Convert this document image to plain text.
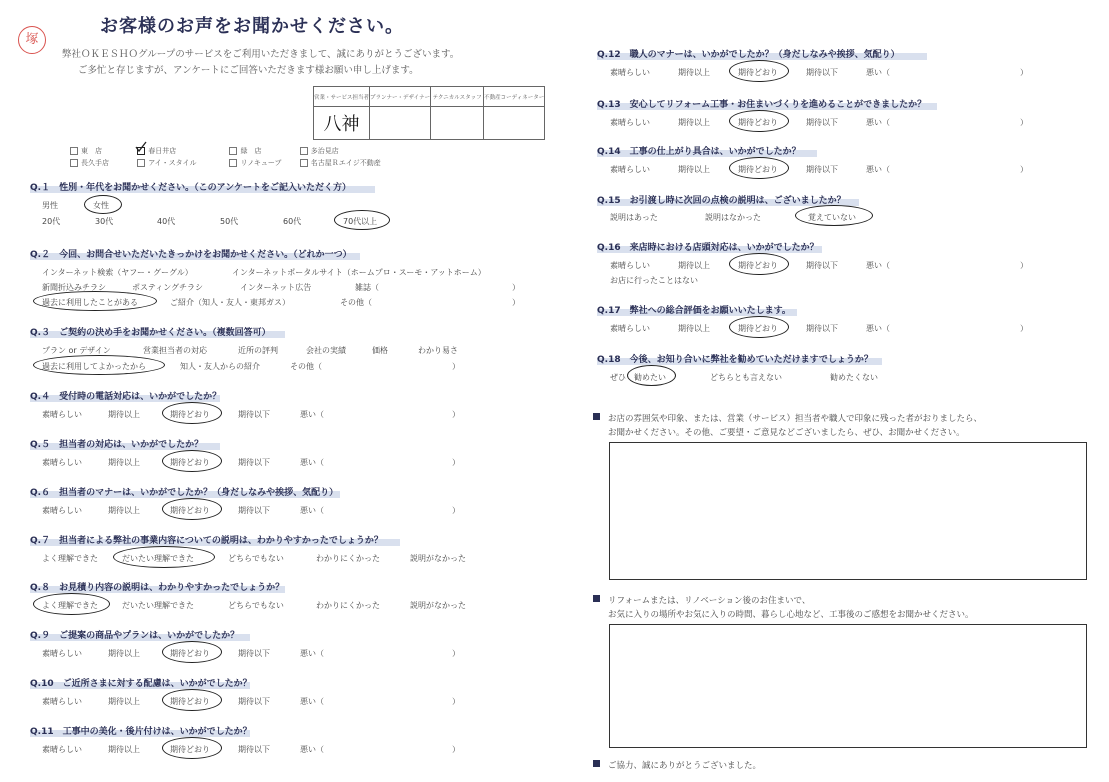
塚
お客様のお声をお聞かせください。
弊社ＯＫＥＳＨＯグループのサービスをご利用いただきまして、誠にありがとうございます。
ご多忙と存じますが、アンケートにご回答いただきます様お願い申し上げます。
営業・サービス担当者	プランナー・デザイナー	テクニカルスタッフ	不動産コーディネーター
八神			
東　店	春日井店	緑　店	多治見店
長久手店	アイ・スタイル	リノキューブ	名古屋Ｒエイジ不動産
Q.１　性別・年代をお聞かせください。（このアンケートをご記入いただく方）
男性	女性
20代	30代	40代	50代	60代	70代以上
Q.２　今回、お問合せいただいたきっかけをお聞かせください。（どれか一つ）
インターネット検索（ヤフー・グーグル）	インターネットポータルサイト（ホームプロ・スーモ・アットホーム）
新聞折込みチラシ	ポスティングチラシ	インターネット広告	雑誌（	）
過去に利用したことがある	ご紹介（知人・友人・東邦ガス）	その他（	）
Q.３　ご契約の決め手をお聞かせください。（複数回答可）
プラン or デザイン	営業担当者の対応	近所の評判	会社の実績	価格	わかり易さ
過去に利用してよかったから	知人・友人からの紹介	その他（	）
Q.４　受付時の電話対応は、いかがでしたか？
素晴らしい	期待以上	期待どおり	期待以下	悪い（	）
Q.５　担当者の対応は、いかがでしたか？
素晴らしい	期待以上	期待どおり	期待以下	悪い（	）
Q.６　担当者のマナーは、いかがでしたか？（身だしなみや挨拶、気配り）
素晴らしい	期待以上	期待どおり	期待以下	悪い（	）
Q.７　担当者による弊社の事業内容についての説明は、わかりやすかったでしょうか？
よく理解できた	だいたい理解できた	どちらでもない	わかりにくかった	説明がなかった
Q.８　お見積り内容の説明は、わかりやすかったでしょうか？
よく理解できた	だいたい理解できた	どちらでもない	わかりにくかった	説明がなかった
Q.９　ご提案の商品やプランは、いかがでしたか？
素晴らしい	期待以上	期待どおり	期待以下	悪い（	）
Q.10　ご近所さまに対する配慮は、いかがでしたか？
素晴らしい	期待以上	期待どおり	期待以下	悪い（	）
Q.11　工事中の美化・後片付けは、いかがでしたか？
素晴らしい	期待以上	期待どおり	期待以下	悪い（	）
Q.12　職人のマナーは、いかがでしたか？（身だしなみや挨拶、気配り）
素晴らしい	期待以上	期待どおり	期待以下	悪い（	）
Q.13　安心してリフォーム工事・お住まいづくりを進めることができましたか？
素晴らしい	期待以上	期待どおり	期待以下	悪い（	）
Q.14　工事の仕上がり具合は、いかがでしたか？
素晴らしい	期待以上	期待どおり	期待以下	悪い（	）
Q.16　来店時における店頭対応は、いかがでしたか？
素晴らしい	期待以上	期待どおり	期待以下	悪い（	）
Q.17　弊社への総合評価をお願いいたします。
素晴らしい	期待以上	期待どおり	期待以下	悪い（	）
Q.15　お引渡し時に次回の点検の説明は、ございましたか？
説明はあった	説明はなかった	覚えていない
お店に行ったことはない
Q.18　今後、お知り合いに弊社を勧めていただけますでしょうか？
ぜひ 勧めたい	どちらとも言えない	勧めたくない
お店の雰囲気や印象、または、営業（サービス）担当者や職人で印象に残った者がおりましたら、
お聞かせください。その他、ご要望・ご意見などございましたら、ぜひ、お聞かせください。
リフォームまたは、リノベーション後のお住まいで、
お気に入りの場所やお気に入りの時間、暮らし心地など、工事後のご感想をお聞かせください。
ご協力、誠にありがとうございました。
